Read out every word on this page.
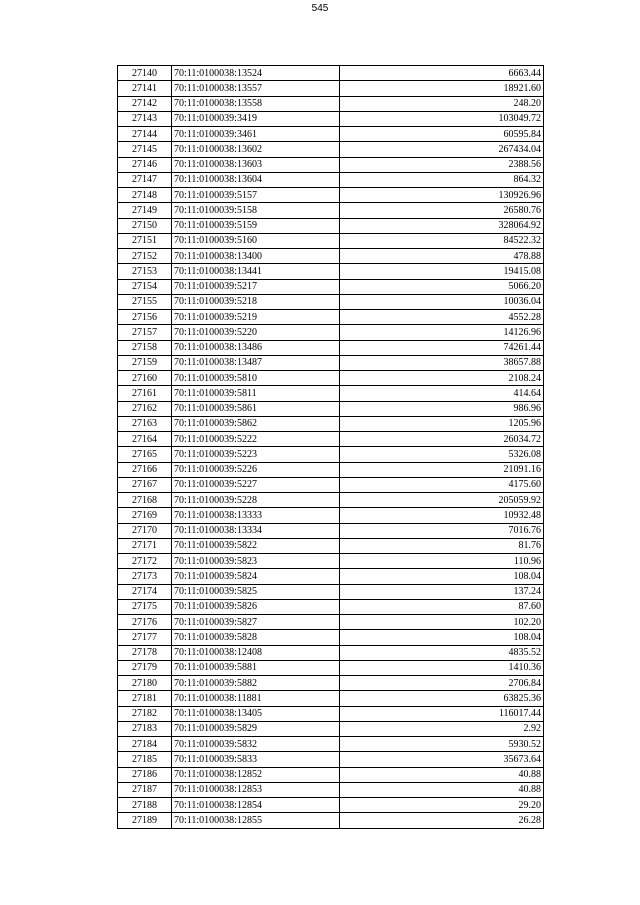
545
27140	70:11:0100038:13524	6663.44
27141	70:11:0100038:13557	18921.60
27142	70:11:0100038:13558	248.20
27143	70:11:0100039:3419	103049.72
27144	70:11:0100039:3461	60595.84
27145	70:11:0100038:13602	267434.04
27146	70:11:0100038:13603	2388.56
27147	70:11:0100038:13604	864.32
27148	70:11:0100039:5157	130926.96
27149	70:11:0100039:5158	26580.76
27150	70:11:0100039:5159	328064.92
27151	70:11:0100039:5160	84522.32
27152	70:11:0100038:13400	478.88
27153	70:11:0100038:13441	19415.08
27154	70:11:0100039:5217	5066.20
27155	70:11:0100039:5218	10036.04
27156	70:11:0100039:5219	4552.28
27157	70:11:0100039:5220	14126.96
27158	70:11:0100038:13486	74261.44
27159	70:11:0100038:13487	38657.88
27160	70:11:0100039:5810	2108.24
27161	70:11:0100039:5811	414.64
27162	70:11:0100039:5861	986.96
27163	70:11:0100039:5862	1205.96
27164	70:11:0100039:5222	26034.72
27165	70:11:0100039:5223	5326.08
27166	70:11:0100039:5226	21091.16
27167	70:11:0100039:5227	4175.60
27168	70:11:0100039:5228	205059.92
27169	70:11:0100038:13333	10932.48
27170	70:11:0100038:13334	7016.76
27171	70:11:0100039:5822	81.76
27172	70:11:0100039:5823	110.96
27173	70:11:0100039:5824	108.04
27174	70:11:0100039:5825	137.24
27175	70:11:0100039:5826	87.60
27176	70:11:0100039:5827	102.20
27177	70:11:0100039:5828	108.04
27178	70:11:0100038:12408	4835.52
27179	70:11:0100039:5881	1410.36
27180	70:11:0100039:5882	2706.84
27181	70:11:0100038:11881	63825.36
27182	70:11:0100038:13405	116017.44
27183	70:11:0100039:5829	2.92
27184	70:11:0100039:5832	5930.52
27185	70:11:0100039:5833	35673.64
27186	70:11:0100038:12852	40.88
27187	70:11:0100038:12853	40.88
27188	70:11:0100038:12854	29.20
27189	70:11:0100038:12855	26.28
